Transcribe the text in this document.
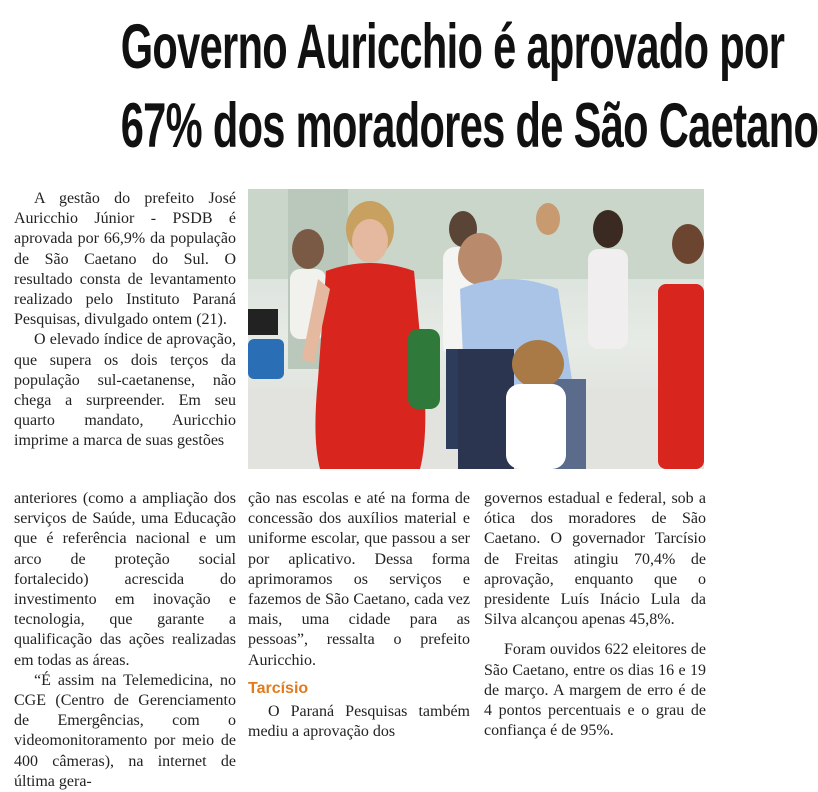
Governo Auricchio é aprovado por
67% dos moradores de São Caetano

A gestão do prefeito José Auricchio Júnior - PSDB é aprovada por 66,9% da população de São Caetano do Sul. O resultado consta de levantamento realizado pelo Instituto Paraná Pesquisas, divulgado ontem (21).

O elevado índice de aprovação, que supera os dois terços da população sul-caetanense, não chega a surpreender. Em seu quarto mandato, Auricchio imprime a marca de suas gestões

anteriores (como a ampliação dos serviços de Saúde, uma Educação que é referência nacional e um arco de proteção social fortalecido) acrescida do investimento em inovação e tecnologia, que garante a qualificação das ações realizadas em todas as áreas.

“É assim na Telemedicina, no CGE (Centro de Gerenciamento de Emergências, com o videomonitoramento por meio de 400 câmeras), na internet de última gera-

ção nas escolas e até na forma de concessão dos auxílios material e uniforme escolar, que passou a ser por aplicativo. Dessa forma aprimoramos os serviços e fazemos de São Caetano, cada vez mais, uma cidade para as pessoas”, ressalta o prefeito Auricchio.

Tarcísio

O Paraná Pesquisas também mediu a aprovação dos

governos estadual e federal, sob a ótica dos moradores de São Caetano. O governador Tarcísio de Freitas atingiu 70,4% de aprovação, enquanto que o presidente Luís Inácio Lula da Silva alcançou apenas 45,8%.

Foram ouvidos 622 eleitores de São Caetano, entre os dias 16 e 19 de março. A margem de erro é de 4 pontos percentuais e o grau de confiança é de 95%.
